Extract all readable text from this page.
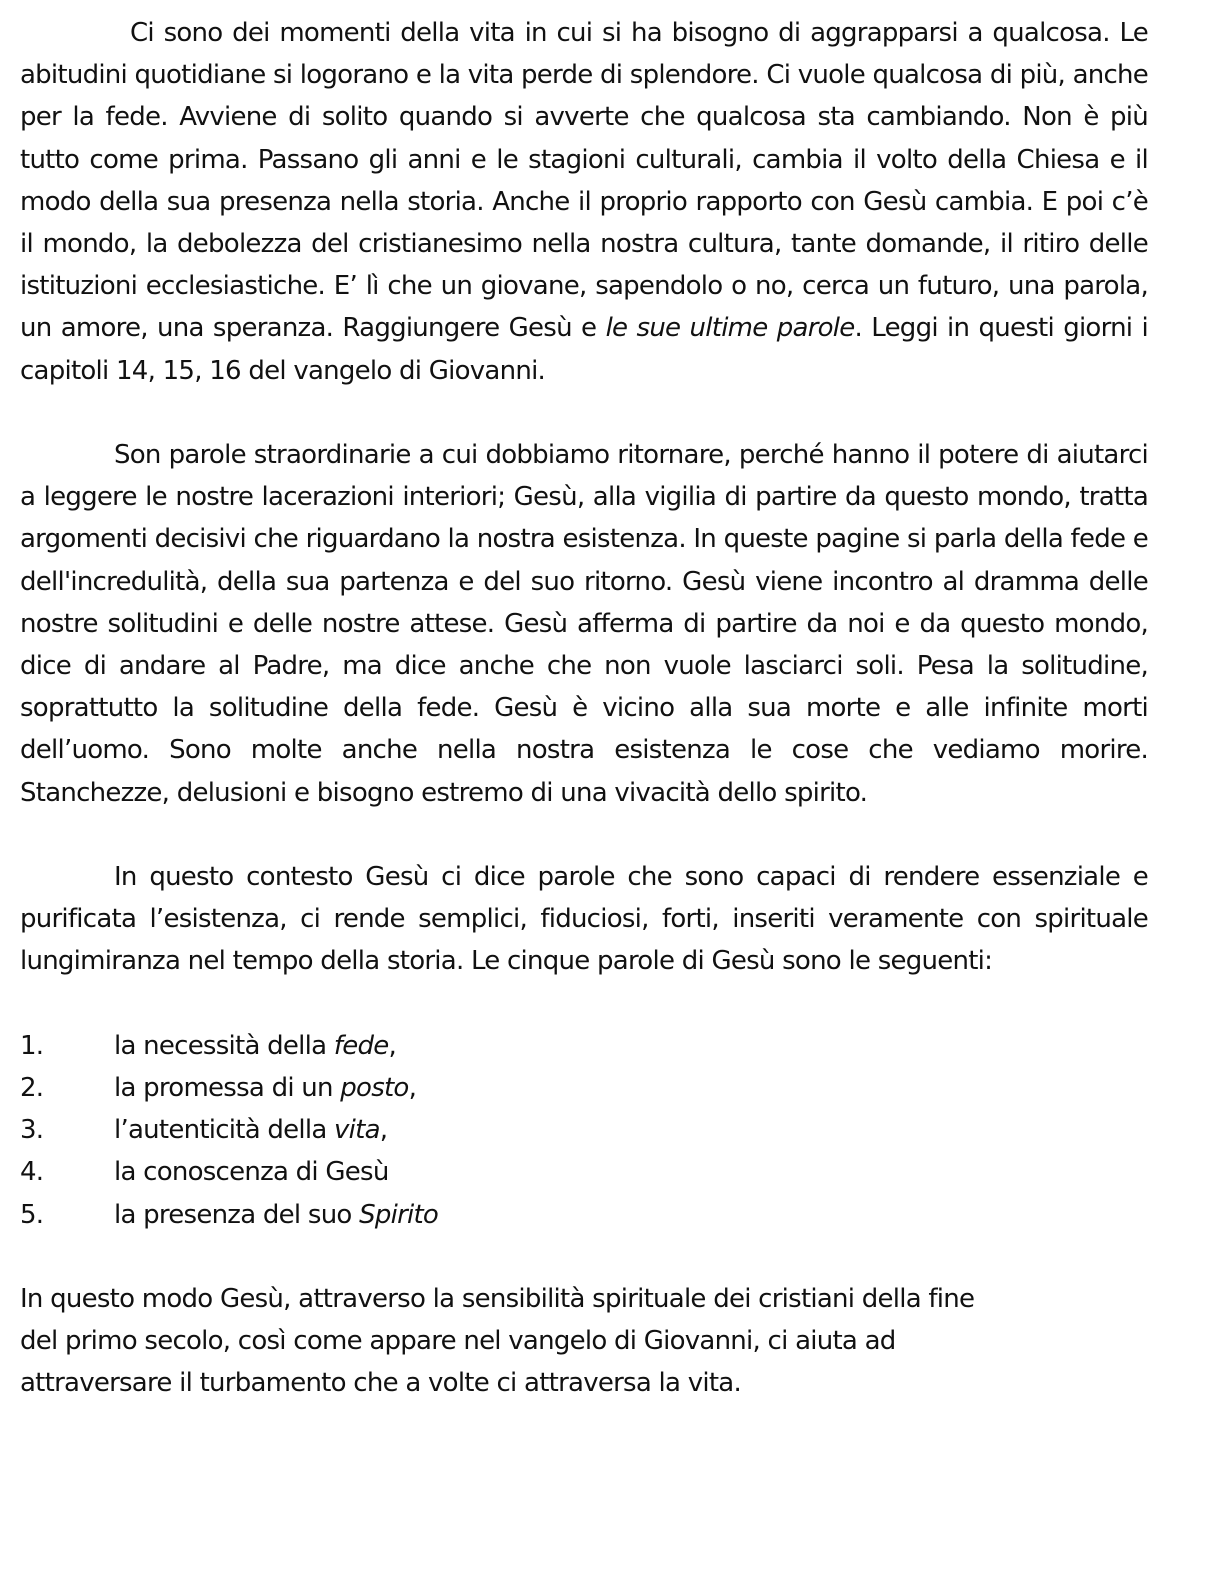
Ci sono dei momenti della vita in cui si ha bisogno di aggrapparsi a qualcosa. Le abitudini quotidiane si logorano e la vita perde di splendore. Ci vuole qualcosa di più, anche per la fede. Avviene di solito quando si avverte che qualcosa sta cambiando. Non è più tutto come prima. Passano gli anni e le stagioni culturali, cambia il volto della Chiesa e il modo della sua presenza nella storia. Anche il proprio rapporto con Gesù cambia. E poi c’è il mondo, la debolezza del cristianesimo nella nostra cultura, tante domande, il ritiro delle istituzioni ecclesiastiche. E’ lì che un giovane, sapendolo o no, cerca un futuro, una parola, un amore, una speranza. Raggiungere Gesù e le sue ultime parole. Leggi in questi giorni i capitoli 14, 15, 16 del vangelo di Giovanni.

Son parole straordinarie a cui dobbiamo ritornare, perché hanno il potere di aiutarci a leggere le nostre lacerazioni interiori; Gesù, alla vigilia di partire da questo mondo, tratta argomenti decisivi che riguardano la nostra esistenza. In queste pagine si parla della fede e dell'incredulità, della sua partenza e del suo ritorno. Gesù viene incontro al dramma delle nostre solitudini e delle nostre attese. Gesù afferma di partire da noi e da questo mondo, dice di andare al Padre, ma dice anche che non vuole lasciarci soli. Pesa la solitudine, soprattutto la solitudine della fede. Gesù è vicino alla sua morte e alle infinite morti dell’uomo. Sono molte anche nella nostra esistenza le cose che vediamo morire. Stanchezze, delusioni e bisogno estremo di una vivacità dello spirito.

In questo contesto Gesù ci dice parole che sono capaci di rendere essenziale e purificata l’esistenza, ci rende semplici, fiduciosi, forti, inseriti veramente con spirituale lungimiranza nel tempo della storia. Le cinque parole di Gesù sono le seguenti:

1.	la necessità della fede,
2.	la promessa di un posto,
3.	l’autenticità della vita,
4.	la conoscenza di Gesù
5.	la presenza del suo Spirito

In questo modo Gesù, attraverso la sensibilità spirituale dei cristiani della fine
del primo secolo, così come appare nel vangelo di Giovanni, ci aiuta ad
attraversare il turbamento che a volte ci attraversa la vita.
